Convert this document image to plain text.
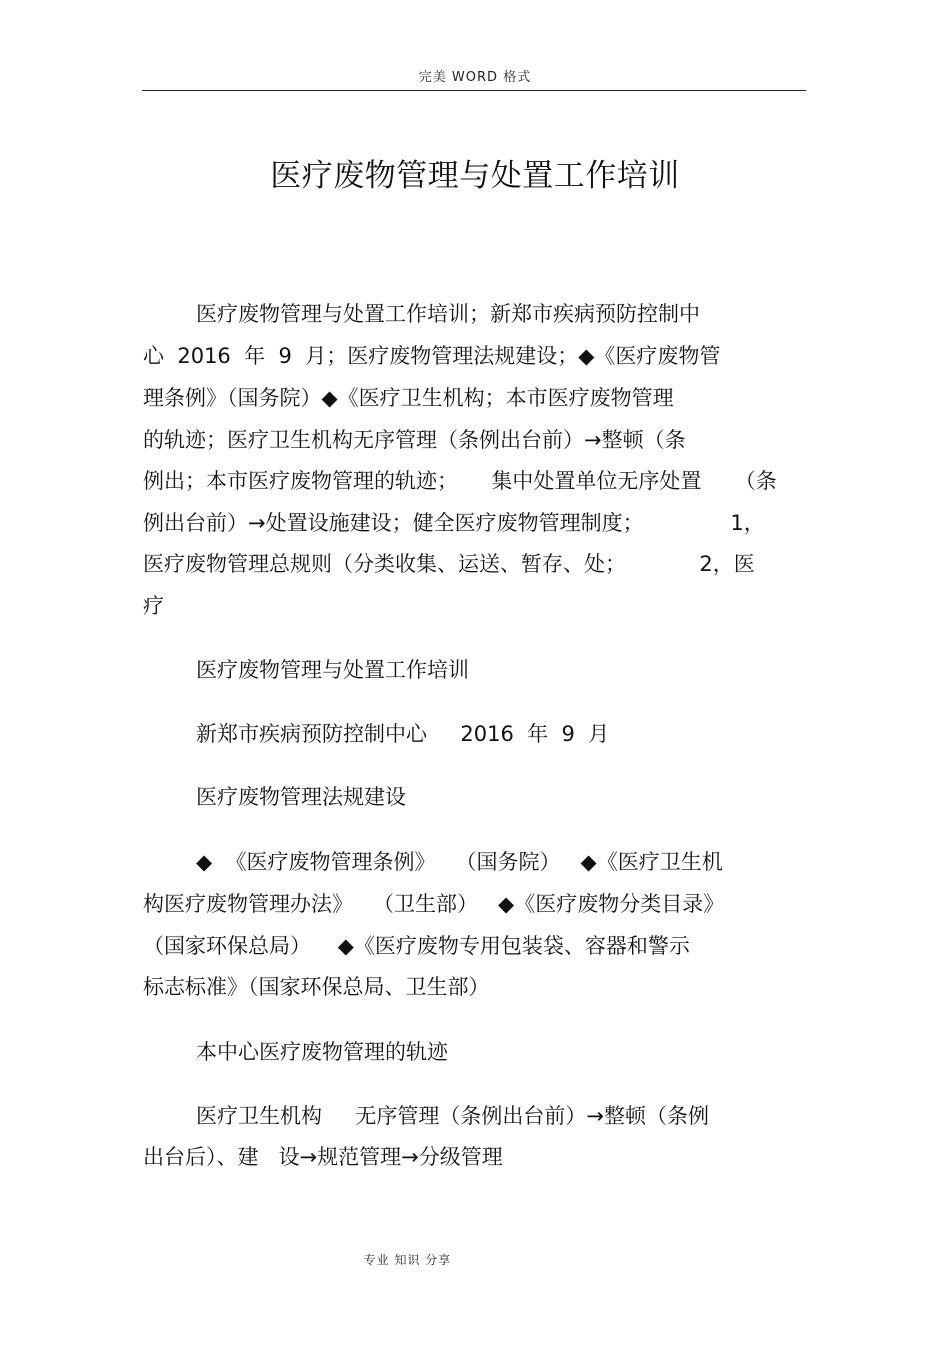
完美 WORD 格式
医疗废物管理与处置工作培训
医疗废物管理与处置工作培训；新郑市疾病预防控制中
心  2016  年  9  月；医疗废物管理法规建设；◆《医疗废物管
理条例》（国务院）◆《医疗卫生机构；本市医疗废物管理
的轨迹；医疗卫生机构无序管理（条例出台前）→整顿（条
例出；本市医疗废物管理的轨迹；     集中处置单位无序处置     （条
例出台前）→处置设施建设；健全医疗废物管理制度；             1，
医疗废物管理总规则（分类收集、运送、暂存、处；           2，医
疗
医疗废物管理与处置工作培训
新郑市疾病预防控制中心     2016  年  9  月
医疗废物管理法规建设
◆  《医疗废物管理条例》   （国务院）   ◆《医疗卫生机
构医疗废物管理办法》   （卫生部）   ◆《医疗废物分类目录》
（国家环保总局）    ◆《医疗废物专用包装袋、容器和警示
标志标准》（国家环保总局、卫生部）
本中心医疗废物管理的轨迹
医疗卫生机构     无序管理（条例出台前）→整顿（条例
出台后）、建   设→规范管理→分级管理
专业 知识 分享
